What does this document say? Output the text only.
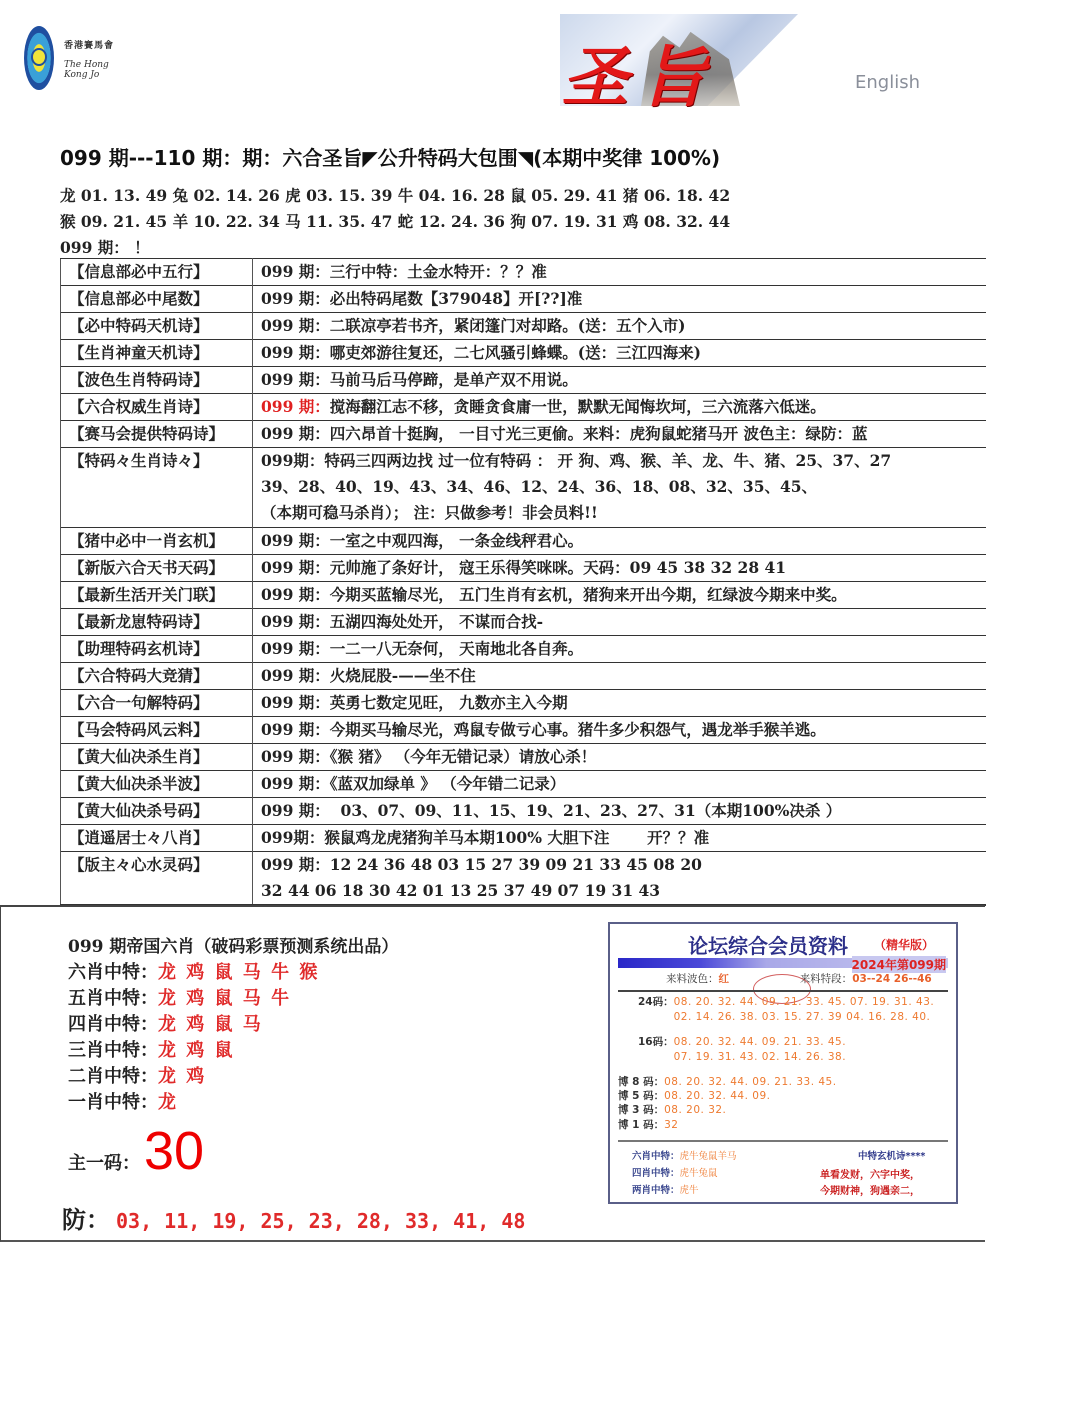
香港賽馬會
The Hong Kong Jo	圣旨	English
099 期---110 期：期：六合圣旨◤公升特码大包围◥(本期中奖律 100%)
龙 01. 13. 49 兔 02. 14. 26 虎 03. 15. 39 牛 04. 16. 28 鼠 05. 29. 41 猪 06. 18. 42
猴 09. 21. 45 羊 10. 22. 34 马 11. 35. 47 蛇 12. 24. 36 狗 07. 19. 31 鸡 08. 32. 44
099 期： ！
【信息部必中五行】	099 期：三行中特：土金水特开：？？准

【信息部必中尾数】	099 期：必出特码尾数【379048】开[??]准

【必中特码天机诗】	099 期：二联凉亭若书齐，紧闭篷门对却路。(送：五个入市)

【生肖神童天机诗】	099 期：哪吏郊游往复还，二七风骚引蜂蝶。(送：三江四海来)

【波色生肖特码诗】	099 期：马前马后马停蹄，是单产双不用说。

【六合权威生肖诗】	099 期：搅海翻江志不移，贪睡贪食庸一世，默默无闻悔坎坷，三六流落六低迷。

【赛马会提供特码诗】	099 期：四六昂首十挺胸， 一目寸光三更偷。来料：虎狗鼠蛇猪马开 波色主：绿防：蓝

【特码々生肖诗々】	099期：特码三四两边找 过一位有特码 ： 开 狗、鸡、猴、羊、龙、牛、猪、25、37、27
39、28、40、19、43、34、46、12、24、36、18、08、32、35、45、
（本期可稳马杀肖）； 注：只做参考！非会员料!!

【猪中必中一肖玄机】	099 期：一室之中观四海， 一条金线秤君心。

【新版六合天书天码】	099 期：元帅施了条好计， 寇王乐得笑咪咪。天码：09 45 38 32 28 41

【最新生活开关门联】	099 期：今期买蓝输尽光， 五门生肖有玄机，猪狗来开出今期，红绿波今期来中奖。

【最新龙崽特码诗】	099 期：五湖四海处处开， 不谋而合找-

【助理特码玄机诗】	099 期：一二一八无奈何， 天南地北各自奔。

【六合特码大竞猜】	099 期：火烧屁股-——坐不住

【六合一句解特码】	099 期：英勇七数定见旺， 九数亦主入今期

【马会特码风云料】	099 期：今期买马输尽光，鸡鼠专做亏心事。猪牛多少积怨气，遇龙举手猴羊逃。

【黄大仙决杀生肖】	099 期：《猴 猪》 （今年无错记录）请放心杀！

【黄大仙决杀半波】	099 期：《蓝双加绿单 》 （今年错二记录）

【黄大仙决杀号码】	099 期：  03、07、09、11、15、19、21、23、27、31（本期100%决杀 ）

【逍遥居士々八肖】	099期：猴鼠鸡龙虎猪狗羊马本期100% 大胆下注       开？？准

【版主々心水灵码】	099 期：12 24 36 48 03 15 27 39 09 21 33 45 08 20
32 44 06 18 30 42 01 13 25 37 49 07 19 31 43
099 期帝国六肖（破码彩票预测系统出品）
六肖中特：龙 鸡 鼠 马 牛 猴
五肖中特：龙 鸡 鼠 马 牛
四肖中特：龙 鸡 鼠 马
三肖中特：龙 鸡 鼠
二肖中特：龙 鸡
一肖中特：龙
主一码：30
防： 03, 11, 19, 25, 23, 28, 33, 41, 48
论坛综合会员资料 （精华版）
2024年第099期
来料波色：红	来料特段：03--24 26--46
24码：08. 20. 32. 44. 09. 21. 33. 45. 07. 19. 31. 43.
02. 14. 26. 38. 03. 15. 27. 39 04. 16. 28. 40.
16码：08. 20. 32. 44. 09. 21. 33. 45.
07. 19. 31. 43. 02. 14. 26. 38.
博 8 码：08. 20. 32. 44. 09. 21. 33. 45.
博 5 码：08. 20. 32. 44. 09.
博 3 码：08. 20. 32.
博 1 码：32
六肖中特：虎牛兔鼠羊马
四肖中特：虎牛兔鼠
两肖中特：虎牛
中特玄机诗****
单看发财，六字中奖，
今期财神，狗遇亲二，
